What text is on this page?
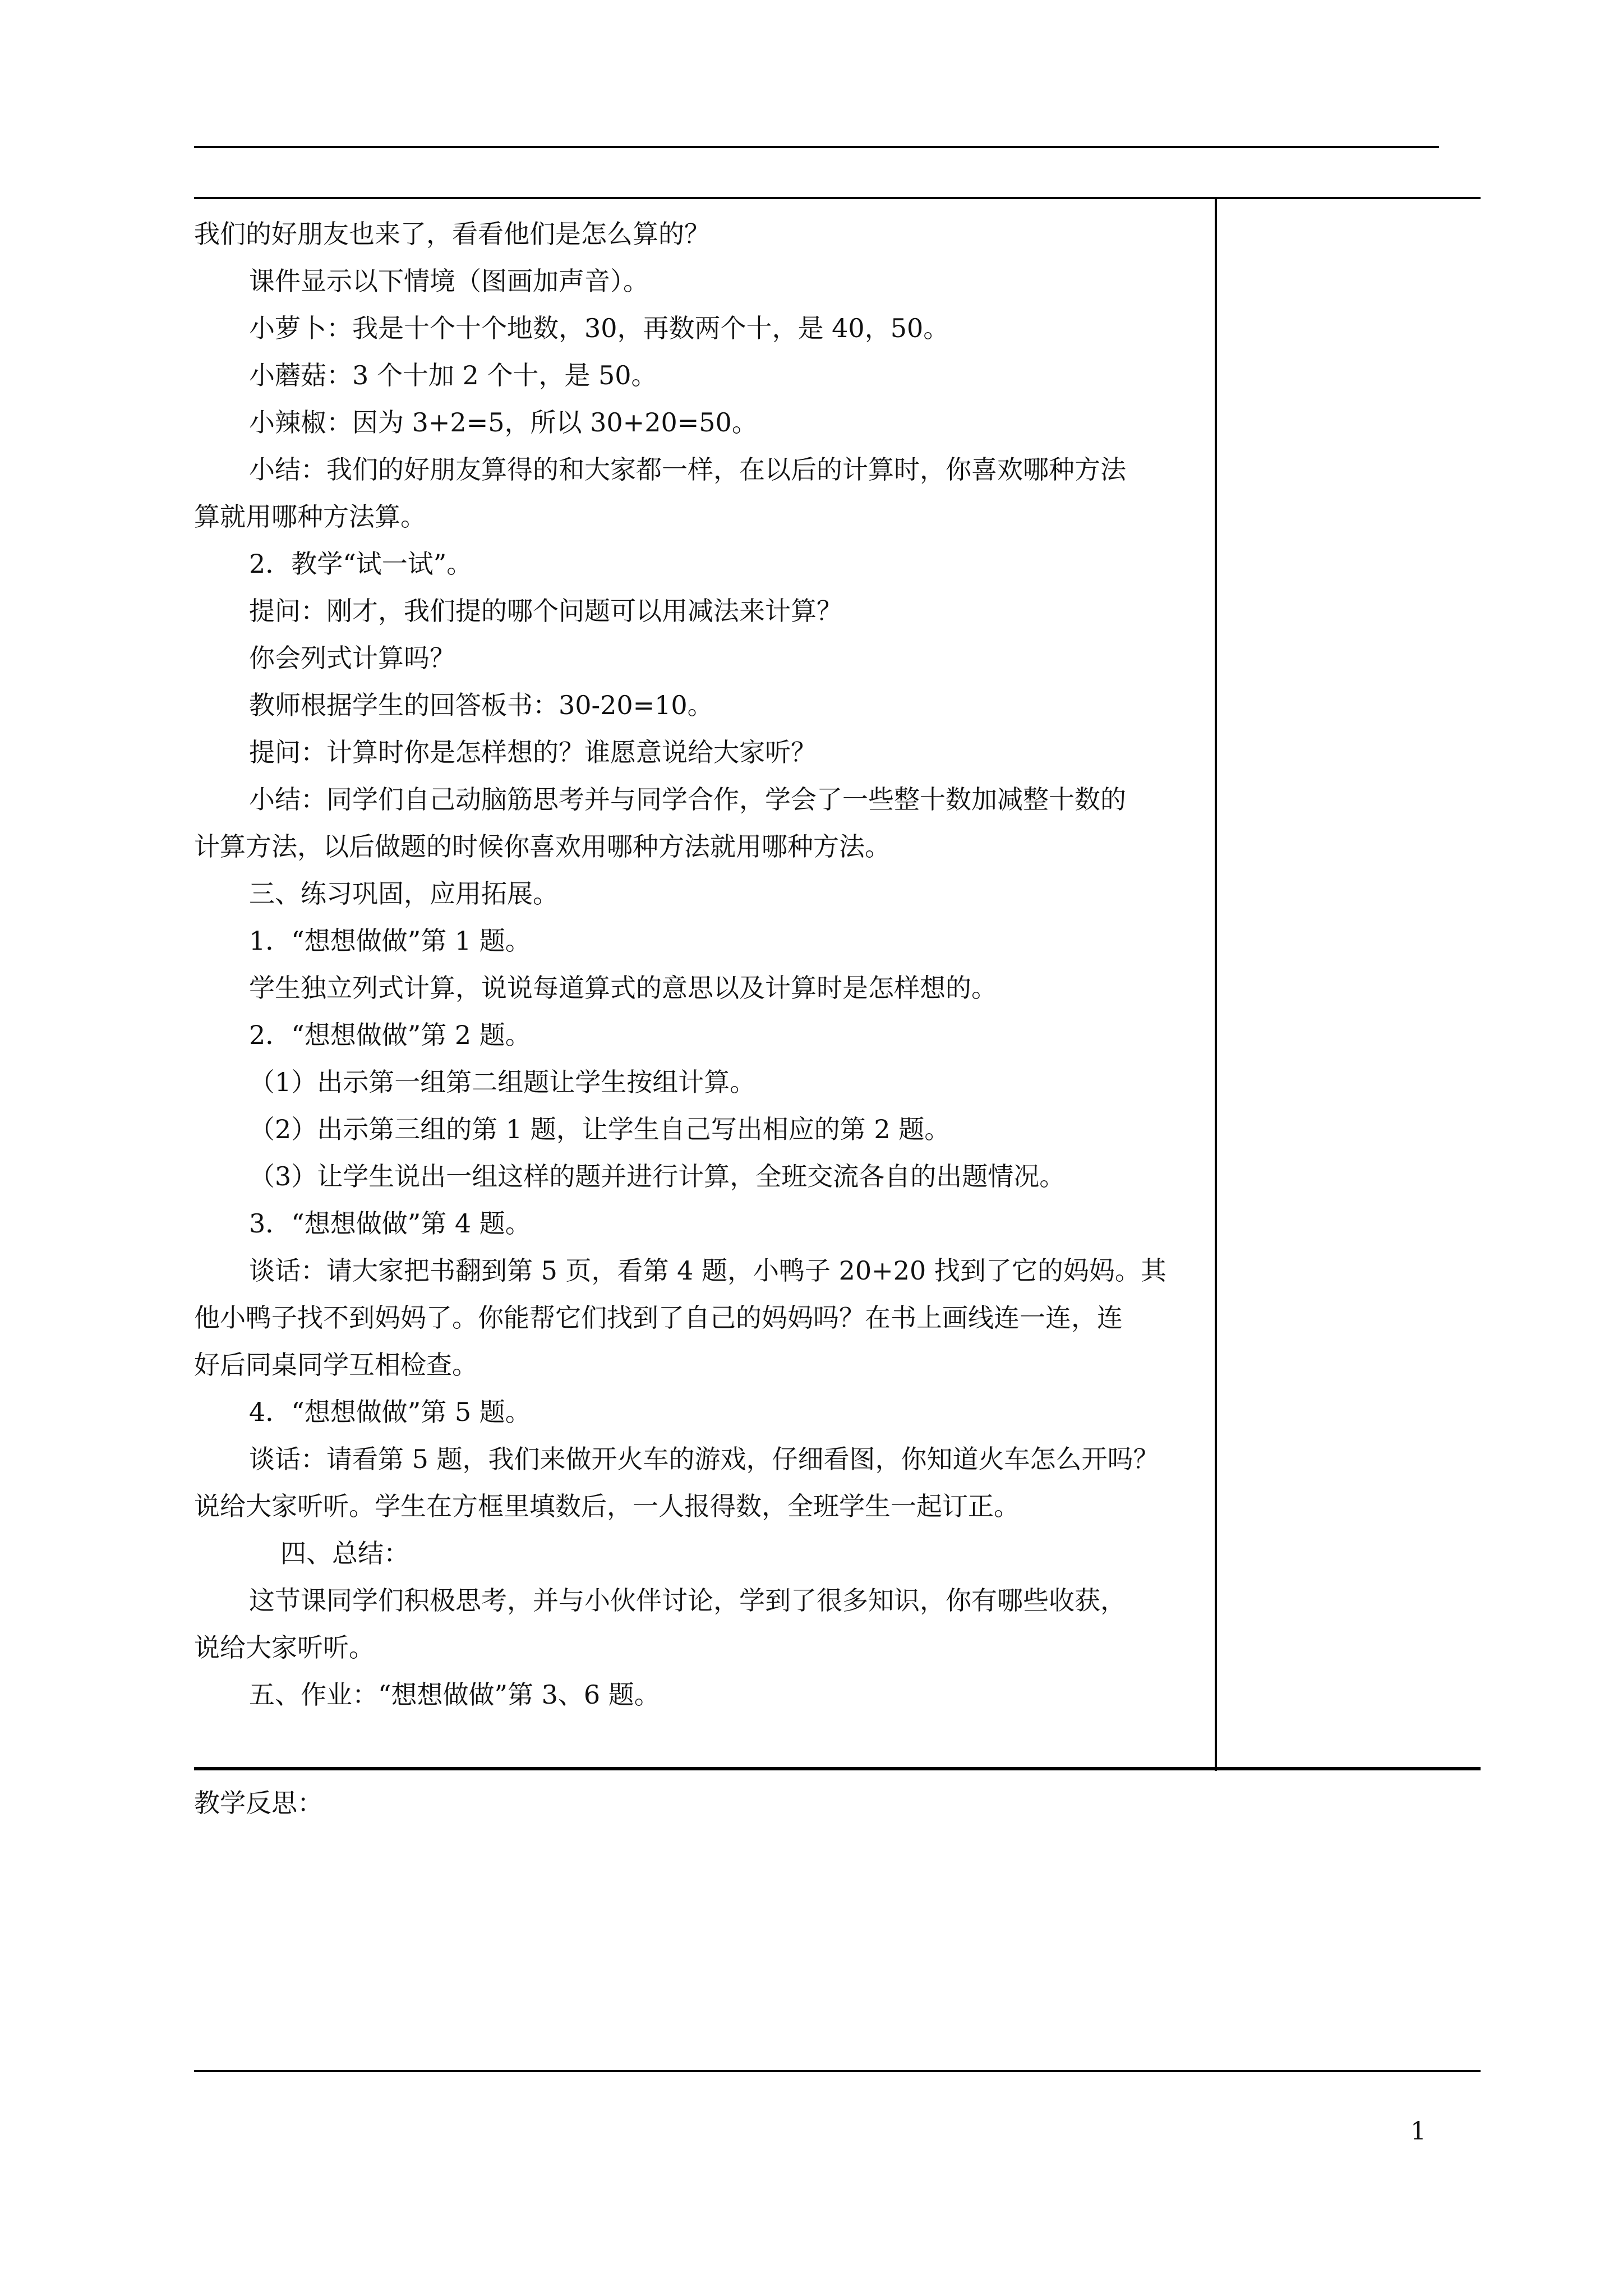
我们的好朋友也来了，看看他们是怎么算的？
课件显示以下情境（图画加声音）。
小萝卜：我是十个十个地数，30，再数两个十，是 40，50。
小蘑菇：3 个十加 2 个十，是 50。
小辣椒：因为 3+2=5，所以 30+20=50。
小结：我们的好朋友算得的和大家都一样，在以后的计算时，你喜欢哪种方法
算就用哪种方法算。
2．教学“试一试”。
提问：刚才，我们提的哪个问题可以用减法来计算？
你会列式计算吗？
教师根据学生的回答板书：30-20=10。
提问：计算时你是怎样想的？谁愿意说给大家听？
小结：同学们自己动脑筋思考并与同学合作，学会了一些整十数加减整十数的
计算方法，以后做题的时候你喜欢用哪种方法就用哪种方法。
三、练习巩固，应用拓展。
1．“想想做做”第 1 题。
学生独立列式计算，说说每道算式的意思以及计算时是怎样想的。
2．“想想做做”第 2 题。
（1）出示第一组第二组题让学生按组计算。
（2）出示第三组的第 1 题，让学生自己写出相应的第 2 题。
（3）让学生说出一组这样的题并进行计算，全班交流各自的出题情况。
3．“想想做做”第 4 题。
谈话：请大家把书翻到第 5 页，看第 4 题，小鸭子 20+20 找到了它的妈妈。其
他小鸭子找不到妈妈了。你能帮它们找到了自己的妈妈吗？在书上画线连一连，连
好后同桌同学互相检查。
4．“想想做做”第 5 题。
谈话：请看第 5 题，我们来做开火车的游戏，仔细看图，你知道火车怎么开吗？
说给大家听听。学生在方框里填数后，一人报得数，全班学生一起订正。
四、总结：
这节课同学们积极思考，并与小伙伴讨论，学到了很多知识，你有哪些收获，
说给大家听听。
五、作业：“想想做做”第 3、6 题。
教学反思：
1
